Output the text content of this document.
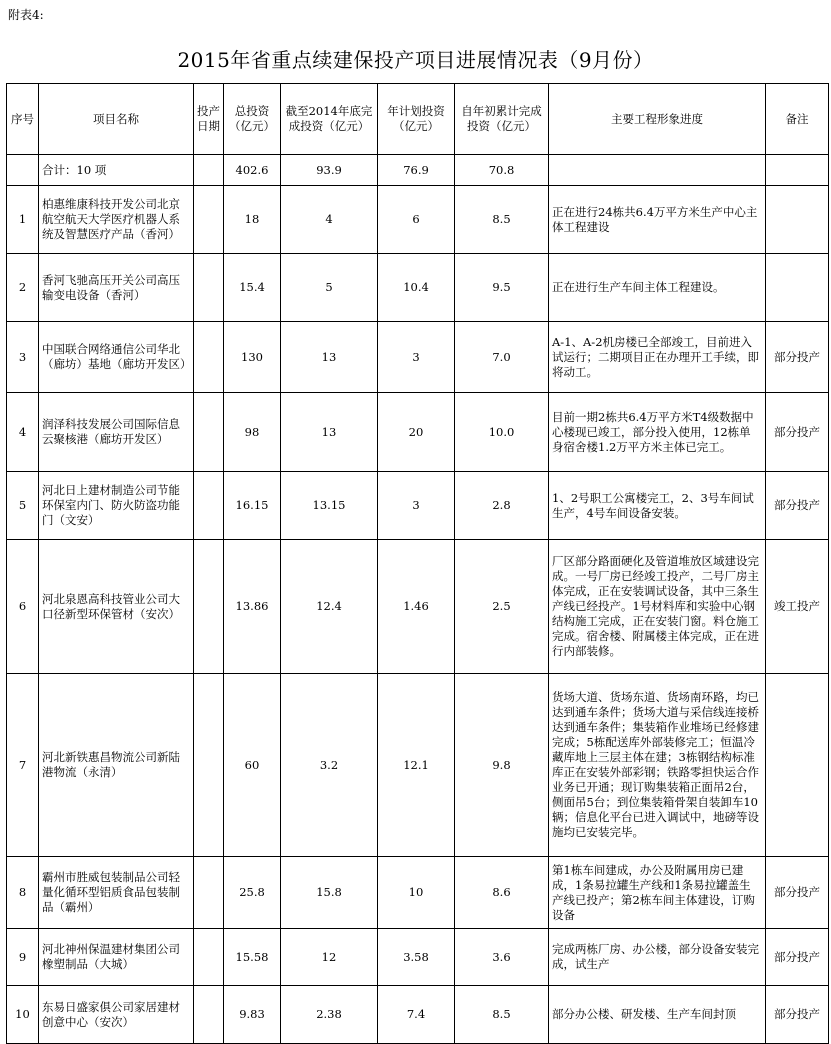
附表4:
2015年省重点续建保投产项目进展情况表（9月份）
序号	项目名称	投产日期	总投资（亿元）	截至2014年底完成投资（亿元）	年计划投资（亿元）	自年初累计完成投资（亿元）	主要工程形象进度	备注
	合计：10 项		402.6	93.9	76.9	70.8		
1	柏惠维康科技开发公司北京航空航天大学医疗机器人系统及智慧医疗产品（香河）		18	4	6	8.5	正在进行24栋共6.4万平方米生产中心主体工程建设	
2	香河飞驰高压开关公司高压输变电设备（香河）		15.4	5	10.4	9.5	正在进行生产车间主体工程建设。	
3	中国联合网络通信公司华北（廊坊）基地（廊坊开发区）		130	13	3	7.0	A-1、A-2机房楼已全部竣工，目前进入试运行；二期项目正在办理开工手续，即将动工。	部分投产
4	润泽科技发展公司国际信息云聚核港（廊坊开发区）		98	13	20	10.0	目前一期2栋共6.4万平方米T4级数据中心楼现已竣工，部分投入使用，12栋单身宿舍楼1.2万平方米主体已完工。	部分投产
5	河北日上建材制造公司节能环保室内门、防火防盗功能门（文安）		16.15	13.15	3	2.8	1、2号职工公寓楼完工，2、3号车间试生产，4号车间设备安装。	部分投产
6	河北泉恩高科技管业公司大口径新型环保管材（安次）		13.86	12.4	1.46	2.5	厂区部分路面硬化及管道堆放区域建设完成。一号厂房已经竣工投产，二号厂房主体完成，正在安装调试设备，其中三条生产线已经投产。1号材料库和实验中心钢结构施工完成，正在安装门窗。料仓施工完成。宿舍楼、附属楼主体完成，正在进行内部装修。	竣工投产
7	河北新铁惠昌物流公司新陆港物流（永清）		60	3.2	12.1	9.8	货场大道、货场东道、货场南环路，均已达到通车条件；货场大道与采信线连接桥达到通车条件；集装箱作业堆场已经修建完成；5栋配送库外部装修完工；恒温冷藏库地上三层主体在建；3栋钢结构标准库正在安装外部彩钢；铁路零担快运合作业务已开通；现订购集装箱正面吊2台，侧面吊5台；到位集装箱骨架自装卸车10辆；信息化平台已进入调试中，地磅等设施均已安装完毕。	
8	霸州市胜威包装制品公司轻量化循环型铝质食品包装制品（霸州）		25.8	15.8	10	8.6	第1栋车间建成，办公及附属用房已建成，1条易拉罐生产线和1条易拉罐盖生产线已投产；第2栋车间主体建设，订购设备	部分投产
9	河北神州保温建材集团公司橡塑制品（大城）		15.58	12	3.58	3.6	完成两栋厂房、办公楼，部分设备安装完成，试生产	部分投产
10	东易日盛家俱公司家居建材创意中心（安次）		9.83	2.38	7.4	8.5	部分办公楼、研发楼、生产车间封顶	部分投产
